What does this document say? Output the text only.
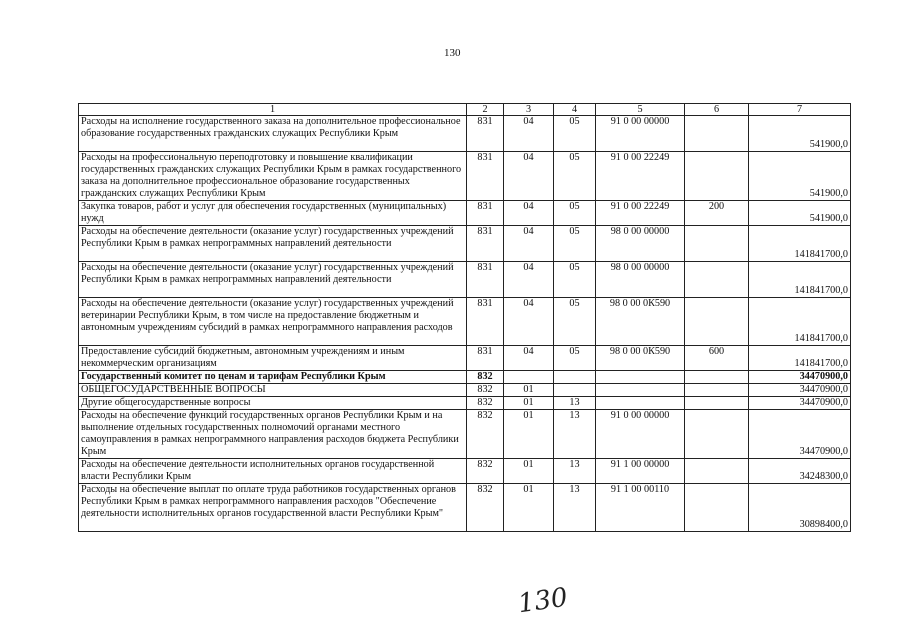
130
1	2	3	4	5	6	7
Расходы на исполнение государственного заказа на дополнительное профессиональное образование государственных гражданских служащих Республики Крым	831	04	05	91 0 00 00000		541900,0
Расходы на профессиональную переподготовку и повышение квалификации государственных гражданских служащих Республики Крым в рамках государственного заказа на дополнительное профессиональное образование государственных гражданских служащих Республики Крым	831	04	05	91 0 00 22249		541900,0
Закупка товаров, работ и услуг для обеспечения государственных (муниципальных) нужд	831	04	05	91 0 00 22249	200	541900,0
Расходы на обеспечение деятельности (оказание услуг) государственных учреждений Республики Крым в рамках непрограммных направлений деятельности	831	04	05	98 0 00 00000		141841700,0
Расходы на обеспечение деятельности (оказание услуг) государственных учреждений Республики Крым в рамках непрограммных направлений деятельности	831	04	05	98 0 00 00000		141841700,0
Расходы на обеспечение деятельности (оказание услуг) государственных учреждений ветеринарии Республики Крым, в том числе на предоставление бюджетным и автономным учреждениям субсидий в рамках непрограммного направления расходов	831	04	05	98 0 00 0К590		141841700,0
Предоставление субсидий бюджетным, автономным учреждениям и иным некоммерческим организациям	831	04	05	98 0 00 0К590	600	141841700,0
Государственный комитет по ценам и тарифам Республики Крым	832					34470900,0
ОБЩЕГОСУДАРСТВЕННЫЕ ВОПРОСЫ	832	01				34470900,0
Другие общегосударственные вопросы	832	01	13			34470900,0
Расходы на обеспечение функций государственных органов Республики Крым и на выполнение отдельных государственных полномочий органами местного самоуправления в рамках непрограммного направления расходов бюджета Республики Крым	832	01	13	91 0 00 00000		34470900,0
Расходы на обеспечение деятельности исполнительных органов государственной власти Республики Крым	832	01	13	91 1 00 00000		34248300,0
Расходы на обеспечение выплат по оплате труда работников государственных органов Республики Крым в рамках непрограммного направления расходов "Обеспечение деятельности исполнительных органов государственной власти Республики Крым"	832	01	13	91 1 00 00110		30898400,0
130
